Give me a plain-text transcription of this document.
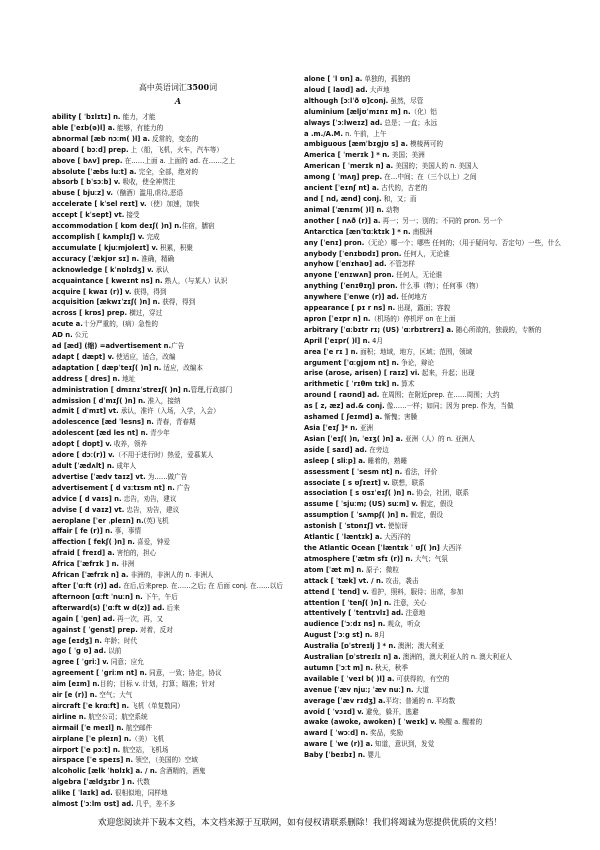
高中英语词汇3500词
A
ability [ ˈbɪlɪtɪ] n. 能力，才能
able [ˈeɪb(ə)l] a. 能够，有能力的
abnormal [æb nɔːm( )l] a. 反常的，变态的
aboard [ bɔːd] prep. 上（船，飞机，火车，汽车等）
above [ bʌv] prep. 在……上面 a. 上面的 ad. 在……之上
absolute [ˈæbs luːt] a. 完全，全部，绝对的
absorb [ bˈsɔːb] v. 吸收，使全神贯注
abuse [ bjuːz] v.（酗酒）滥用,虐待,恶语
accelerate [ kˈsel reɪt] v.（使）加速，加快
accept [ kˈsept] vt. 接受
accommodation [ kɒm deɪʃ( )n] n.住宿，膳宿
accomplish [ kʌmplɪʃ] v. 完成
accumulate [ kjuːmjoleɪt] v. 积累，积聚
accuracy [ˈækjʊr sɪ] n. 准确，精确
acknowledge [ kˈnɒlɪdʒ] v. 承认
acquaintance [ kweɪnt ns] n. 熟人，（与某人）认识
acquire [ kwaɪ (r)] v. 获得，得到
acquisition [ækwɪˈzɪʃ( )n] n. 获得，得到
across [ krɒs] prep. 横过，穿过
acute a.十分严重的，(病）急性的
AD n. 公元
ad [æd] (缩) =advertisement n.广告
adapt [ dæpt] v. 使适应，适合，改编
adaptation [ dæpˈteɪʃ( )n] n. 适应，改编本
address [ dres] n. 地址
administration [ dmɪnɪˈstreɪʃ( )n] n.管理,行政部门
admission [ dˈmɪʃ( )n] n. 准入，接纳
admit [ dˈmɪt] vt. 承认，准许（入场，入学，入会）
adolescence [æd ˈlesns] n. 青春，青春期
adolescent [æd les nt] n. 青少年
adopt [ dɒpt] v. 收养，领养
adore [ dɔː(r)] v.（不用于进行时）热爱，爱慕某人
adult [ˈædʌlt] n. 成年人
advertise [ˈædv taɪz] vt. 为……做广告
advertisement [ d vɜːtɪsm nt] n. 广告
advice [ d vaɪs] n. 忠告，劝告，建议
advise [ d vaɪz] vt. 忠告，劝告，建议
aeroplane [ˈer ˌpleɪn] n.(英)飞机
affair [ fe (r)] n. 事，事情
affection [ fekʃ( )n] n. 喜爱，钟爱
afraid [ freɪd] a. 害怕的，担心
Africa [ˈæfrɪk ] n. 非洲
African [ˈæfrɪk n] a. 非洲的，非洲人的 n. 非洲人
after [ˈɑːft (r)] ad. 在后,后来prep. 在……之后; 在 后面 conj. 在……以后
afternoon [ɑːft ˈnuːn] n. 下午，午后
afterward(s) [ˈɑːft w d(z)] ad. 后来
again [ ˈgen] ad. 再一次，再，又
against [ ˈgenst] prep. 对着，反对
age [eɪdʒ] n. 年龄；时代
ago [ ˈg ʊ] ad. 以前
agree [ ˈgriː] v. 同意；应允
agreement [ ˈgriːm nt] n. 同意，一致；协定，协议
aim [eɪm] n.目的；目标 v. 计划，打算；瞄准；针对
air [e (r)] n. 空气；大气
aircraft [ˈe krɑːft] n. 飞机（单复数同）
airline n. 航空公司；航空系统
airmail [ˈe meɪl] n. 航空邮件
airplane [ˈe pleɪn] n.（美）飞机
airport [ˈe pɔːt] n. 航空站，飞机场
airspace [ˈe speɪs] n. 领空，（美国的）空域
alcoholic [ælk ˈhɒlɪk] a. / n. 含酒精的，酒鬼
algebra [ˈældʒɪbr ] n. 代数
alike [ ˈlaɪk] ad. 很相似地，同样地
almost [ˈɔːlm ʊst] ad. 几乎，差不多
alone [ ˈl ʊn] a. 单独的，孤独的
aloud [ laʊd] ad. 大声地
although [ɔːlˈð ʊ]conj. 虽然，尽管
aluminium [æljʊˈmɪnɪ m] n.（化）铝
always [ˈɔːlweɪz] ad. 总是；一直；永远
a .m./A.M. n. 午前，上午
ambiguous [æmˈbɪgjʊ s] a. 模棱两可的
America [ ˈmerɪk ] * n. 美国；美洲
American [ ˈmerɪk n] a. 美国的；美国人的 n. 美国人
among [ ˈmʌŋ] prep. 在…中间；在（三个以上）之间
ancient [ˈeɪnʃ nt] a. 古代的，古老的
and [ nd, ænd] conj. 和，又；而
animal [ˈænɪm( )l] n. 动物
another [ nʌð (r)] a. 再一；另一；别的；不同的 pron. 另一个
Antarctica [ænˈtɑːktɪk ] * n. 南极洲
any [ˈenɪ] pron.（无论）哪一个；哪些 任何的；（用于疑问句、否定句）一些，什么
anybody [ˈenɪbɒdɪ] pron. 任何人，无论谁
anyhow [ˈenɪhaʊ] ad. 不管怎样
anyone [ˈenɪwʌn] pron. 任何人，无论谁
anything [ˈenɪθɪŋ] pron. 什么事（物）；任何事（物）
anywhere [ˈenwe (r)] ad. 任何地方
appearance [ pɪ r ns] n. 出现，露面；容貌
apron [ˈeɪpr n] n.（机场的）停机坪 on 在上面
arbitrary [ˈɑːbɪtr rɪ; (US) ˈɑːrbɪtrerɪ] a. 随心所欲的，独裁的，专断的
April [ˈeɪpr( )l] n. 4月
area [ˈe rɪ ] n. 面积；地域，地方，区域；范围，领域
argument [ˈɑːgjʊm nt] n. 争论，辩论
arise (arose, arisen) [ raɪz] vi. 起来，升起；出现
arithmetic [ ˈrɪθm tɪk] n. 算术
around [ raʊnd] ad. 在周围；在附近prep. 在……周围；大约
as [ z, æz] ad.& conj. 像……一样；如同；因为 prep. 作为，当做
ashamed [ ʃeɪmd] a. 惭愧；害臊
Asia [ˈeɪʃ ]* n. 亚洲
Asian [ˈeɪʃ( )n, ˈeɪʒ( )n] a. 亚洲（人）的 n. 亚洲人
aside [ saɪd] ad. 在旁边
asleep [ sliːp] a. 睡着的，熟睡
assessment [ ˈsesm nt] n. 看法，评价
associate [ s ʊʃɪeɪt] v. 联想，联系
association [ s ʊsɪˈeɪʃ( )n] n. 协会，社团，联系
assume [ ˈsjuːm; (US) suːm] v. 假定，假设
assumption [ ˈsʌmpʃ( )n] n. 假定，假设
astonish [ ˈstɒnɪʃ] vt. 使惊讶
Atlantic [ ˈlæntɪk] a. 大西洋的
the Atlantic Ocean [ˈlæntɪk ˈ ʊʃ( )n] 大西洋
atmosphere [ˈætm sfɪ (r)] n. 大气；气氛
atom [ˈæt m] n. 原子；微粒
attack [ ˈtæk] vt. / n. 攻击，袭击
attend [ ˈtend] v. 看护，照料，服侍；出席，参加
attention [ ˈtenʃ( )n] n. 注意，关心
attentively [ ˈtentɪvlɪ] ad. 注意地
audience [ˈɔːdɪ ns] n. 观众，听众
August [ˈɔːg st] n. 8月
Australia [ɒˈstreɪlj ] * n. 澳洲；澳大利亚
Australian [ɒˈstreɪlɪ n] a. 澳洲的，澳大利亚人的 n. 澳大利亚人
autumn [ˈɔːt m] n. 秋天，秋季
available [ ˈveɪl b( )l] a. 可获得的，有空的
avenue [ˈæv njuː; ˈæv nuː] n. 大道
average [ˈæv rɪdʒ] a.平均；普通的 n. 平均数
avoid [ ˈvɔɪd] v. 避免，躲开，逃避
awake (awoke, awoken) [ ˈweɪk] v. 唤醒 a. 醒着的
award [ ˈwɔːd] n. 奖品，奖励
aware [ ˈwe (r)] a. 知道，意识到，发觉
Baby [ˈbeɪbɪ] n. 婴儿
欢迎您阅读并下载本文档，本文档来源于互联网，如有侵权请联系删除！我们将竭诚为您提供优质的文档！
